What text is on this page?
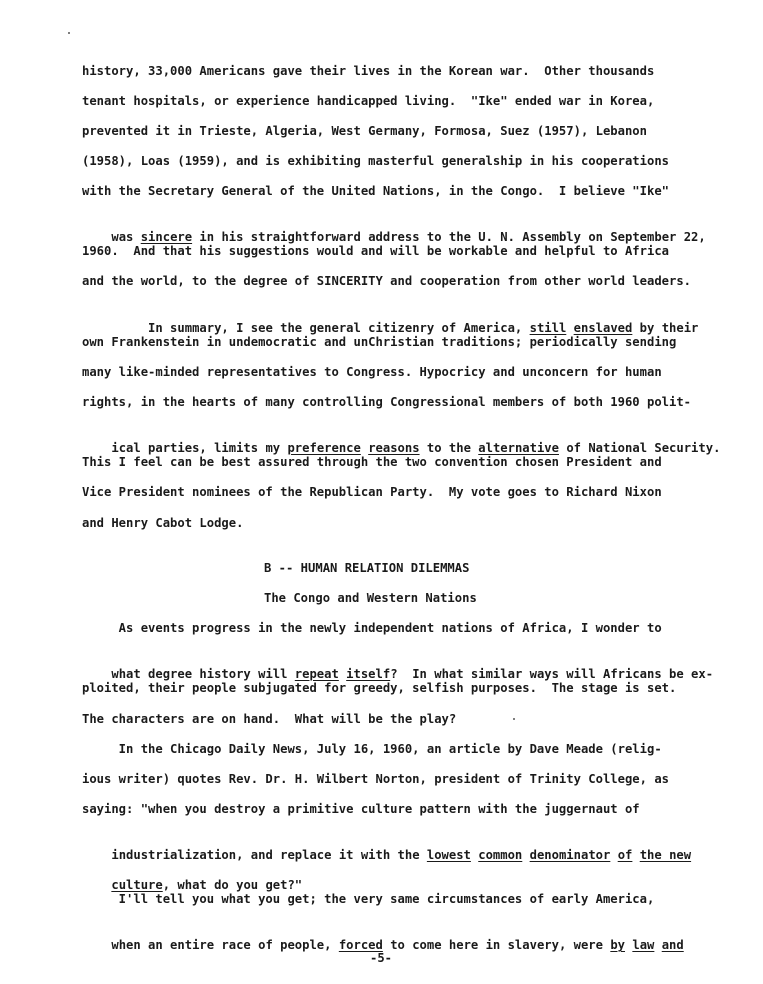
history, 33,000 Americans gave their lives in the Korean war.  Other thousands
tenant hospitals, or experience handicapped living.  "Ike" ended war in Korea,
prevented it in Trieste, Algeria, West Germany, Formosa, Suez (1957), Lebanon
(1958), Loas (1959), and is exhibiting masterful generalship in his cooperations
with the Secretary General of the United Nations, in the Congo.  I believe "Ike"

was sincere in his straightforward address to the U. N. Assembly on September 22,

1960.  And that his suggestions would and will be workable and helpful to Africa
and the world, to the degree of SINCERITY and cooperation from other world leaders.

In summary, I see the general citizenry of America, still enslaved by their

own Frankenstein in undemocratic and unChristian traditions; periodically sending
many like-minded representatives to Congress. Hypocricy and unconcern for human
rights, in the hearts of many controlling Congressional members of both 1960 polit-

ical parties, limits my preference reasons to the alternative of National Security.

This I feel can be best assured through the two convention chosen President and
Vice President nominees of the Republican Party.  My vote goes to Richard Nixon
and Henry Cabot Lodge.
B -- HUMAN RELATION DILEMMAS
The Congo and Western Nations
As events progress in the newly independent nations of Africa, I wonder to

what degree history will repeat itself?  In what similar ways will Africans be ex-

ploited, their people subjugated for greedy, selfish purposes.  The stage is set.
The characters are on hand.  What will be the play?
In the Chicago Daily News, July 16, 1960, an article by Dave Meade (relig-
ious writer) quotes Rev. Dr. H. Wilbert Norton, president of Trinity College, as
saying: "when you destroy a primitive culture pattern with the juggernaut of

industrialization, and replace it with the lowest common denominator of the new

culture, what do you get?"

I'll tell you what you get; the very same circumstances of early America,

when an entire race of people, forced to come here in slavery, were by law and

-5-
